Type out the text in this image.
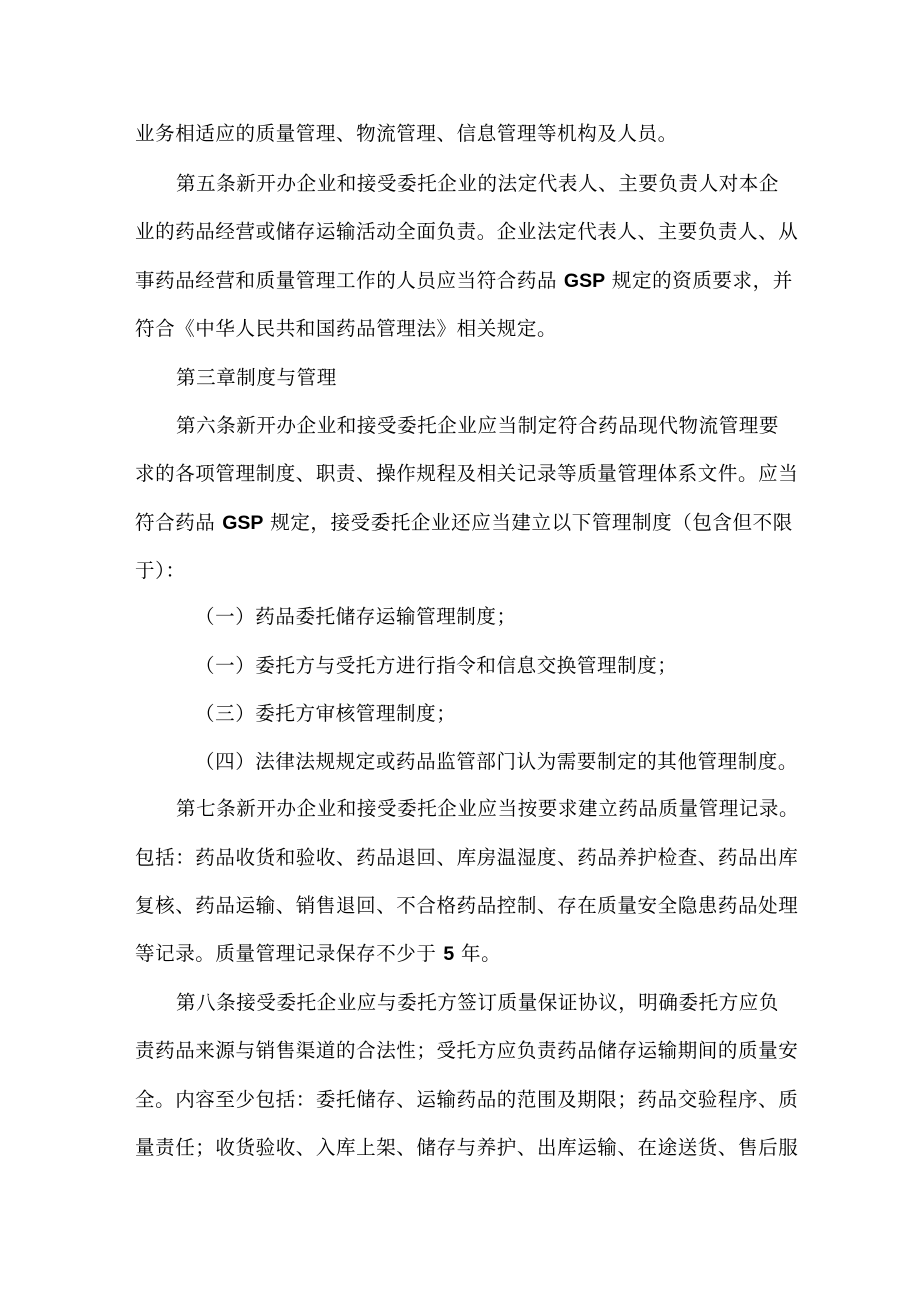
业务相适应的质量管理、物流管理、信息管理等机构及人员。
第五条新开办企业和接受委托企业的法定代表人、主要负责人对本企
业的药品经营或储存运输活动全面负责。企业法定代表人、主要负责人、从
事药品经营和质量管理工作的人员应当符合药品 GSP 规定的资质要求，并
符合《中华人民共和国药品管理法》相关规定。
第三章制度与管理
第六条新开办企业和接受委托企业应当制定符合药品现代物流管理要
求的各项管理制度、职责、操作规程及相关记录等质量管理体系文件。应当
符合药品 GSP 规定，接受委托企业还应当建立以下管理制度（包含但不限
于）：
（一）药品委托储存运输管理制度；
（一）委托方与受托方进行指令和信息交换管理制度；
（三）委托方审核管理制度；
（四）法律法规规定或药品监管部门认为需要制定的其他管理制度。
第七条新开办企业和接受委托企业应当按要求建立药品质量管理记录。
包括：药品收货和验收、药品退回、库房温湿度、药品养护检查、药品出库
复核、药品运输、销售退回、不合格药品控制、存在质量安全隐患药品处理
等记录。质量管理记录保存不少于 5 年。
第八条接受委托企业应与委托方签订质量保证协议，明确委托方应负
责药品来源与销售渠道的合法性；受托方应负责药品储存运输期间的质量安
全。内容至少包括：委托储存、运输药品的范围及期限；药品交验程序、质
量责任；收货验收、入库上架、储存与养护、出库运输、在途送货、售后服
